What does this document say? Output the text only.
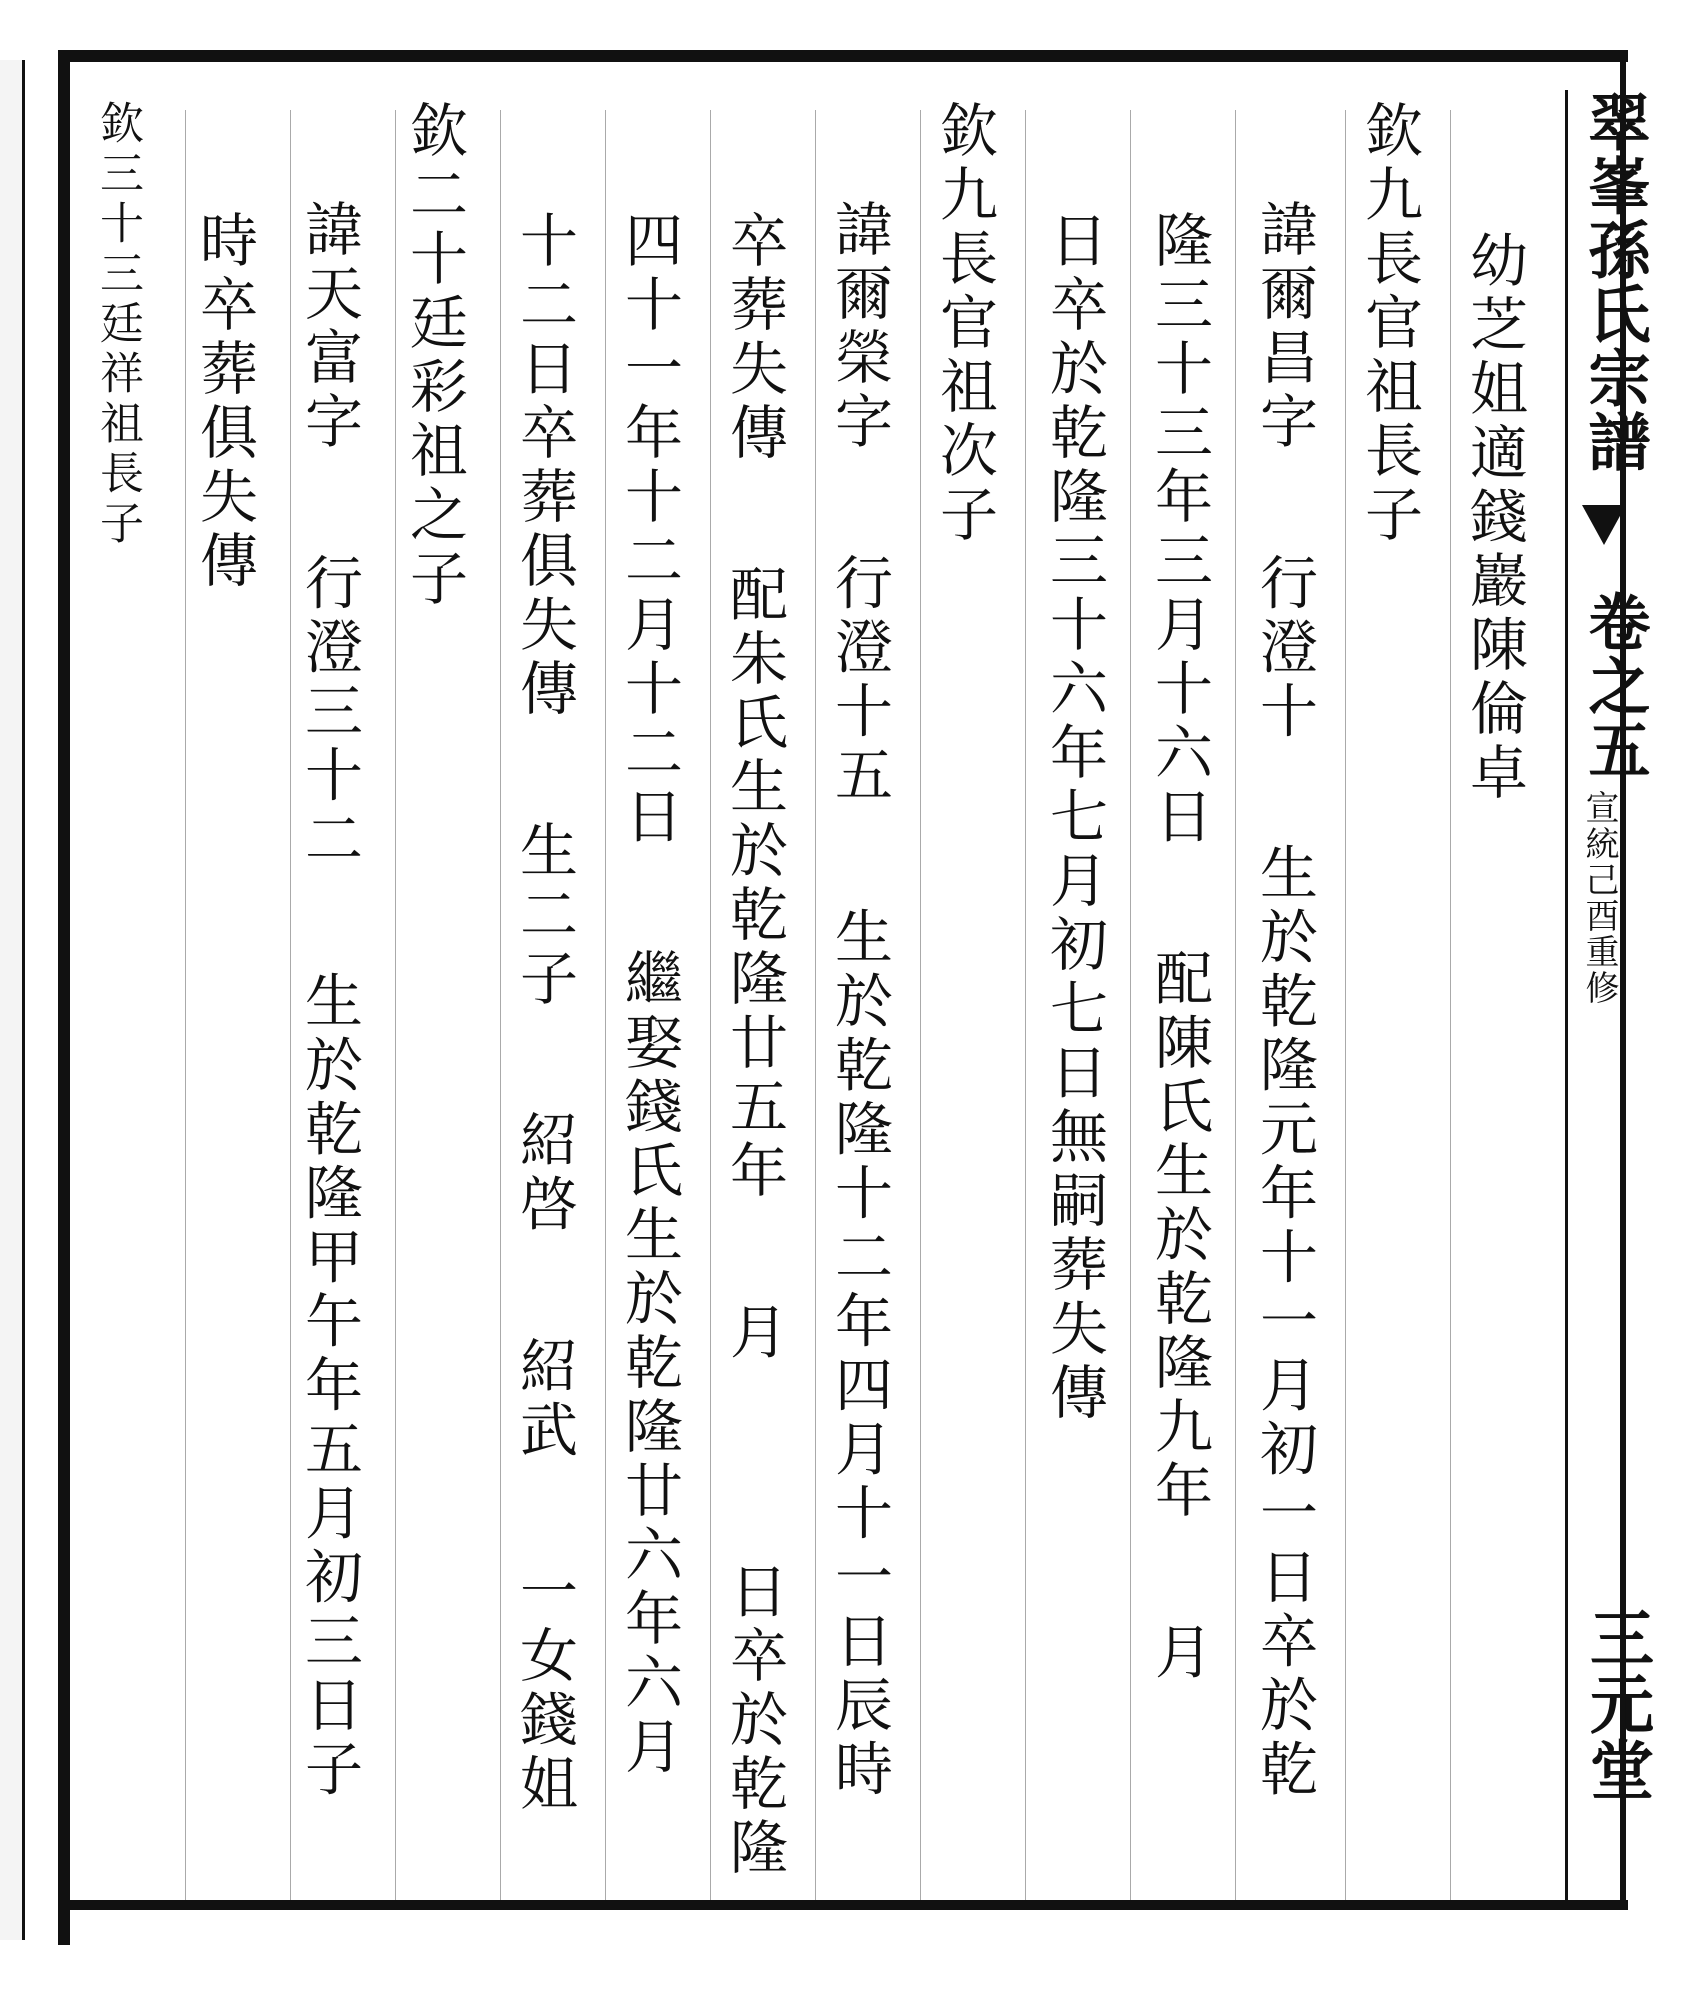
翠峯孫氏宗譜
卷之五
宣統己酉重修
三元堂
幼芝姐適錢巖陳倫卓
欽九長官祖長子
諱爾昌字    行澄十    生於乾隆元年十一月初一日卒於乾
隆三十三年三月十六日    配陳氏生於乾隆九年    月
日卒於乾隆三十六年七月初七日無嗣葬失傳
欽九長官祖次子
諱爾榮字    行澄十五    生於乾隆十二年四月十一日辰時
卒葬失傳    配朱氏生於乾隆廿五年    月        日卒於乾隆
四十一年十二月十二日    繼娶錢氏生於乾隆廿六年六月
十二日卒葬俱失傳    生二子    紹啓    紹武    一女錢姐
欽二十廷彩祖之子
諱天富字    行澄三十二    生於乾隆甲午年五月初三日子
時卒葬俱失傳
欽三十三廷祥祖長子
